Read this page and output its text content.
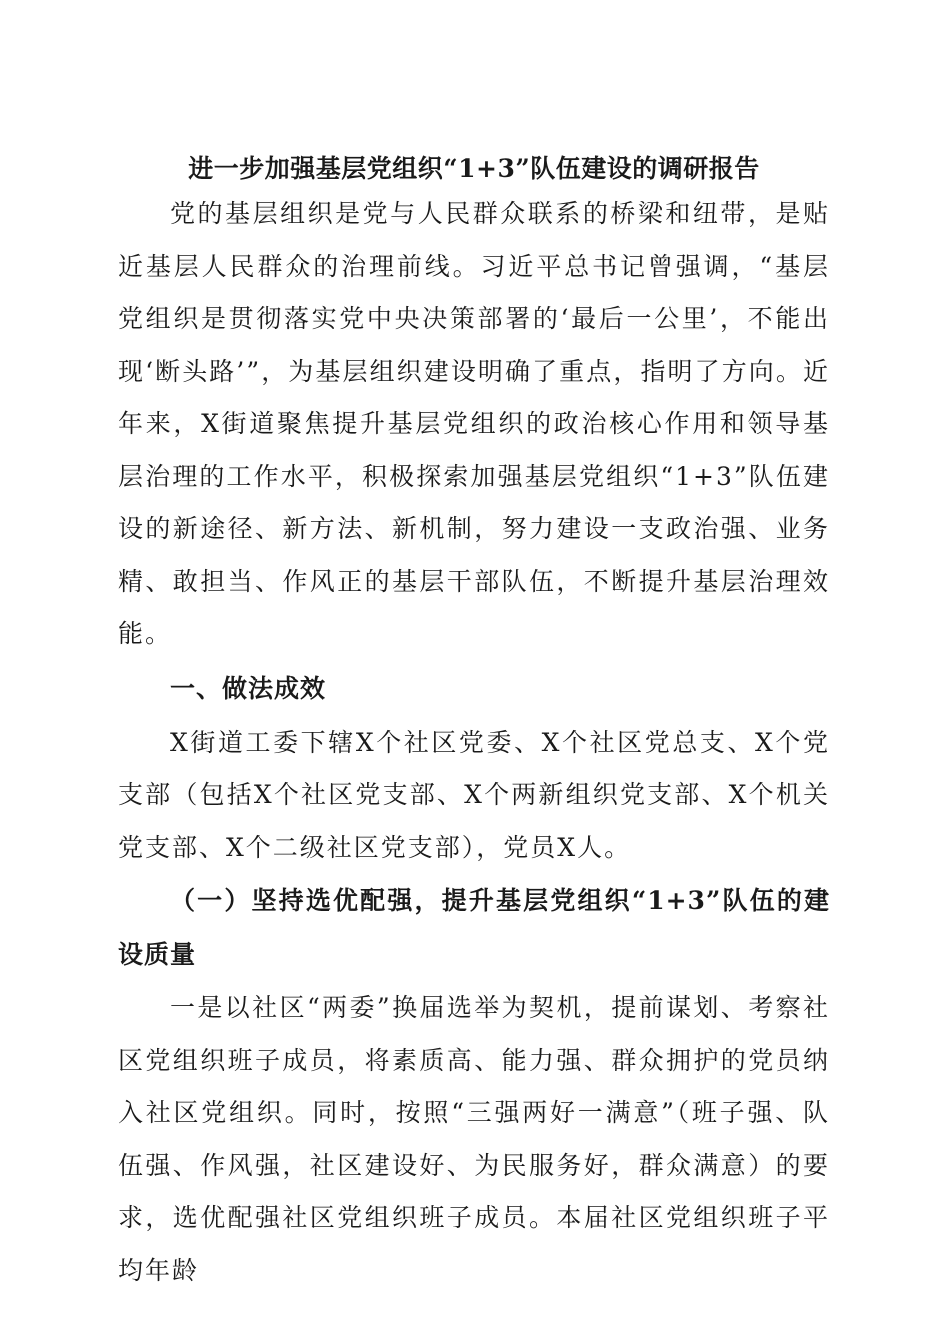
进一步加强基层党组织“1+3”队伍建设的调研报告

党的基层组织是党与人民群众联系的桥梁和纽带，是贴近基层人民群众的治理前线。习近平总书记曾强调，“基层党组织是贯彻落实党中央决策部署的‘最后一公里’，不能出现‘断头路’”，为基层组织建设明确了重点，指明了方向。近年来，X街道聚焦提升基层党组织的政治核心作用和领导基层治理的工作水平，积极探索加强基层党组织“1+3”队伍建设的新途径、新方法、新机制，努力建设一支政治强、业务精、敢担当、作风正的基层干部队伍，不断提升基层治理效能。

一、做法成效

X街道工委下辖X个社区党委、X个社区党总支、X个党支部（包括X个社区党支部、X个两新组织党支部、X个机关党支部、X个二级社区党支部），党员X人。

（一）坚持选优配强，提升基层党组织“1+3”队伍的建设质量

一是以社区“两委”换届选举为契机，提前谋划、考察社区党组织班子成员，将素质高、能力强、群众拥护的党员纳入社区党组织。同时，按照“三强两好一满意”（班子强、队伍强、作风强，社区建设好、为民服务好，群众满意）的要求，选优配强社区党组织班子成员。本届社区党组织班子平均年龄
